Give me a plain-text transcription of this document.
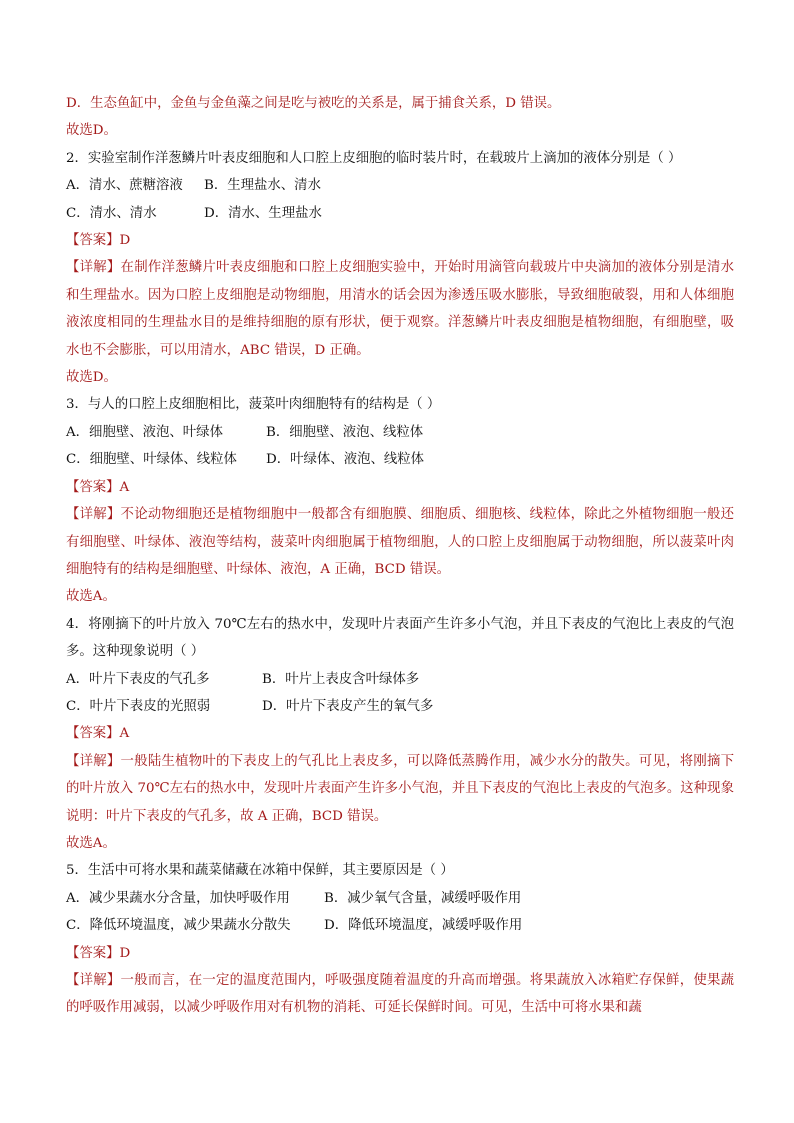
D．生态鱼缸中，金鱼与金鱼藻之间是吃与被吃的关系是，属于捕食关系，D 错误。
故选D。
2．实验室制作洋葱鳞片叶表皮细胞和人口腔上皮细胞的临时装片时，在载玻片上滴加的液体分别是（ ）
A．清水、蔗糖溶液	B．生理盐水、清水
C．清水、清水	D．清水、生理盐水
【答案】D
【详解】在制作洋葱鳞片叶表皮细胞和口腔上皮细胞实验中，开始时用滴管向载玻片中央滴加的液体分别是清水和生理盐水。因为口腔上皮细胞是动物细胞，用清水的话会因为渗透压吸水膨胀，导致细胞破裂，用和人体细胞液浓度相同的生理盐水目的是维持细胞的原有形状，便于观察。洋葱鳞片叶表皮细胞是植物细胞，有细胞壁，吸水也不会膨胀，可以用清水，ABC 错误，D 正确。
故选D。
3．与人的口腔上皮细胞相比，菠菜叶肉细胞特有的结构是（ ）
A．细胞壁、液泡、叶绿体	B．细胞壁、液泡、线粒体
C．细胞壁、叶绿体、线粒体	D．叶绿体、液泡、线粒体
【答案】A
【详解】不论动物细胞还是植物细胞中一般都含有细胞膜、细胞质、细胞核、线粒体，除此之外植物细胞一般还有细胞壁、叶绿体、液泡等结构，菠菜叶肉细胞属于植物细胞，人的口腔上皮细胞属于动物细胞，所以菠菜叶肉细胞特有的结构是细胞壁、叶绿体、液泡，A 正确，BCD 错误。
故选A。
4．将刚摘下的叶片放入 70℃左右的热水中，发现叶片表面产生许多小气泡，并且下表皮的气泡比上表皮的气泡多。这种现象说明（ ）
A．叶片下表皮的气孔多	B．叶片上表皮含叶绿体多
C．叶片下表皮的光照弱	D．叶片下表皮产生的氧气多
【答案】A
【详解】一般陆生植物叶的下表皮上的气孔比上表皮多，可以降低蒸腾作用，减少水分的散失。可见，将刚摘下的叶片放入 70℃左右的热水中，发现叶片表面产生许多小气泡，并且下表皮的气泡比上表皮的气泡多。这种现象说明：叶片下表皮的气孔多，故 A 正确，BCD 错误。
故选A。
5．生活中可将水果和蔬菜储藏在冰箱中保鲜，其主要原因是（ ）
A．减少果蔬水分含量，加快呼吸作用	B．减少氧气含量，减缓呼吸作用
C．降低环境温度，减少果蔬水分散失	D．降低环境温度，减缓呼吸作用
【答案】D
【详解】一般而言，在一定的温度范围内，呼吸强度随着温度的升高而增强。将果蔬放入冰箱贮存保鲜，使果蔬的呼吸作用减弱，以减少呼吸作用对有机物的消耗、可延长保鲜时间。可见，生活中可将水果和蔬
